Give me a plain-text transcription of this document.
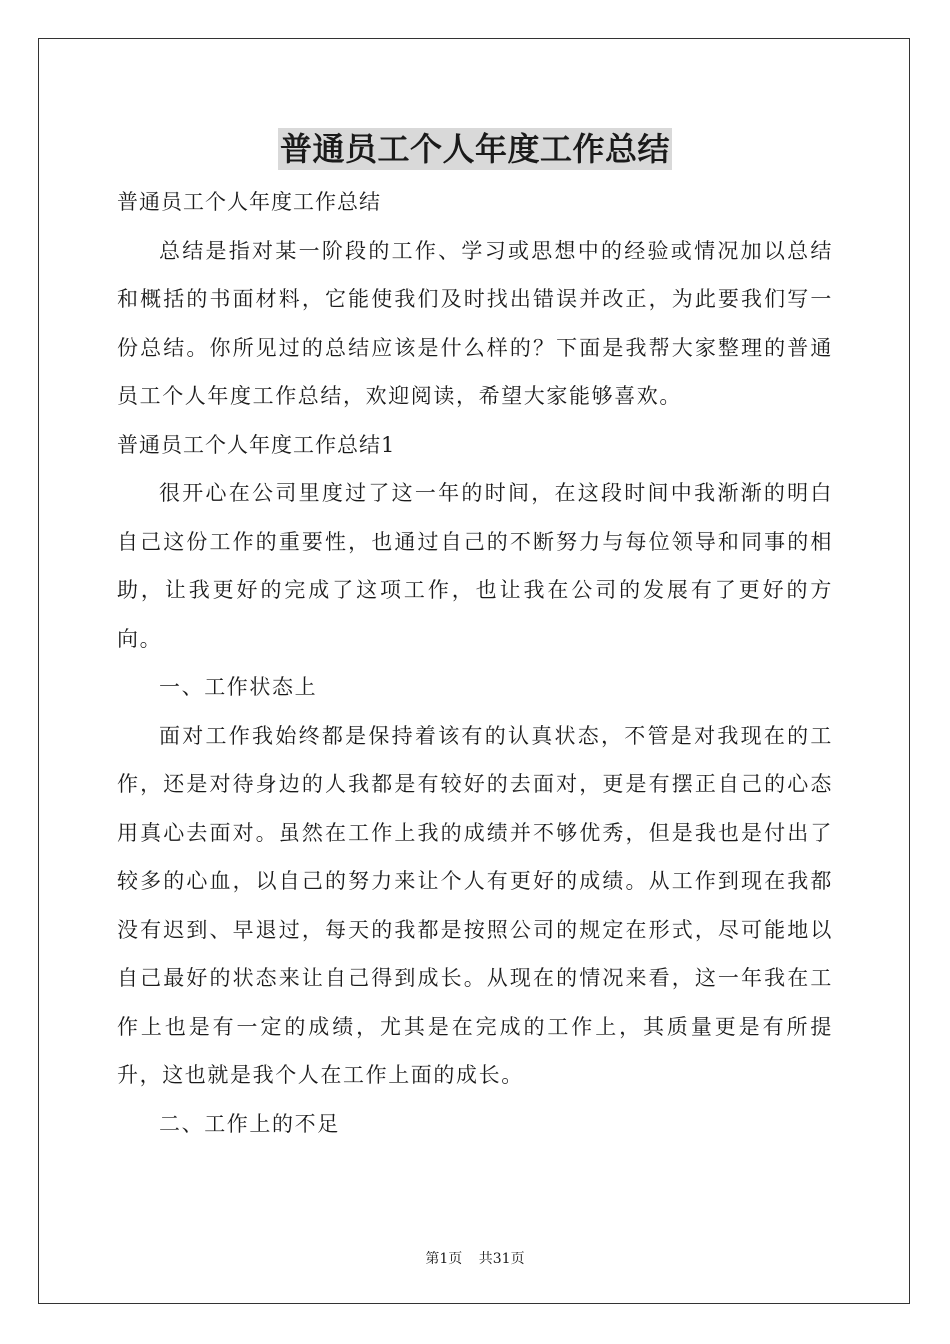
普通员工个人年度工作总结

普通员工个人年度工作总结

总结是指对某一阶段的工作、学习或思想中的经验或情况加以总结和概括的书面材料，它能使我们及时找出错误并改正，为此要我们写一份总结。你所见过的总结应该是什么样的？下面是我帮大家整理的普通员工个人年度工作总结，欢迎阅读，希望大家能够喜欢。

普通员工个人年度工作总结1

很开心在公司里度过了这一年的时间，在这段时间中我渐渐的明白自己这份工作的重要性，也通过自己的不断努力与每位领导和同事的相助，让我更好的完成了这项工作，也让我在公司的发展有了更好的方向。

一、工作状态上

面对工作我始终都是保持着该有的认真状态，不管是对我现在的工作，还是对待身边的人我都是有较好的去面对，更是有摆正自己的心态用真心去面对。虽然在工作上我的成绩并不够优秀，但是我也是付出了较多的心血，以自己的努力来让个人有更好的成绩。从工作到现在我都没有迟到、早退过，每天的我都是按照公司的规定在形式，尽可能地以自己最好的状态来让自己得到成长。从现在的情况来看，这一年我在工作上也是有一定的成绩，尤其是在完成的工作上，其质量更是有所提升，这也就是我个人在工作上面的成长。

二、工作上的不足

第1页 共31页
